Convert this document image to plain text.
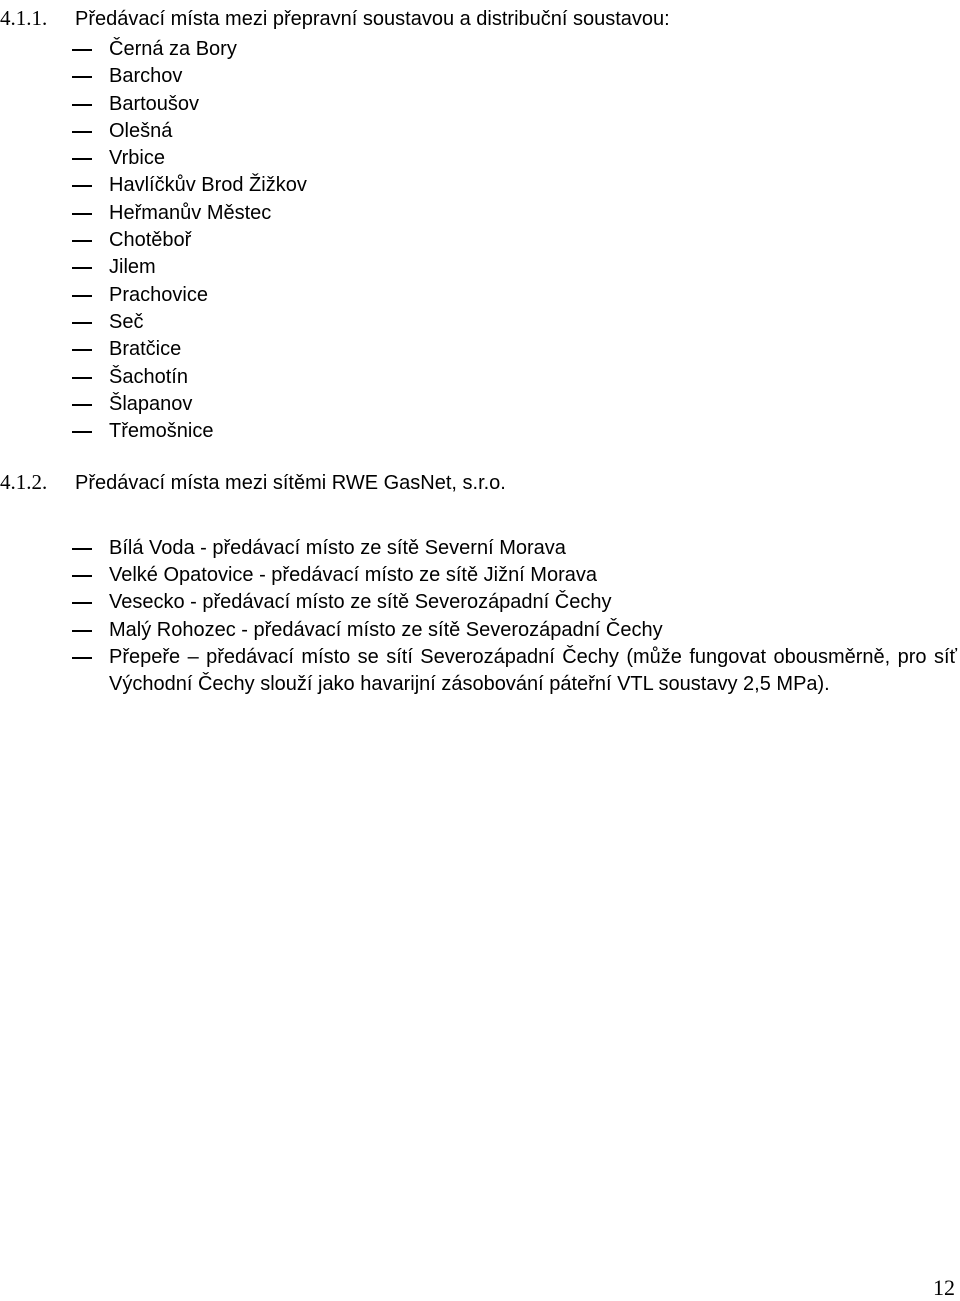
4.1.1. Předávací místa mezi přepravní soustavou a distribuční soustavou:
Černá za Bory
Barchov
Bartoušov
Olešná
Vrbice
Havlíčkův Brod Žižkov
Heřmanův Městec
Chotěboř
Jilem
Prachovice
Seč
Bratčice
Šachotín
Šlapanov
Třemošnice
4.1.2. Předávací místa mezi sítěmi RWE GasNet, s.r.o.
Bílá Voda - předávací místo ze sítě Severní Morava
Velké Opatovice - předávací místo ze sítě Jižní Morava
Vesecko - předávací místo ze sítě Severozápadní Čechy
Malý Rohozec - předávací místo ze sítě Severozápadní Čechy
Přepeře – předávací místo se sítí Severozápadní Čechy (může fungovat obousměrně, pro síť Východní Čechy slouží jako havarijní zásobování páteřní VTL soustavy 2,5 MPa).
12
